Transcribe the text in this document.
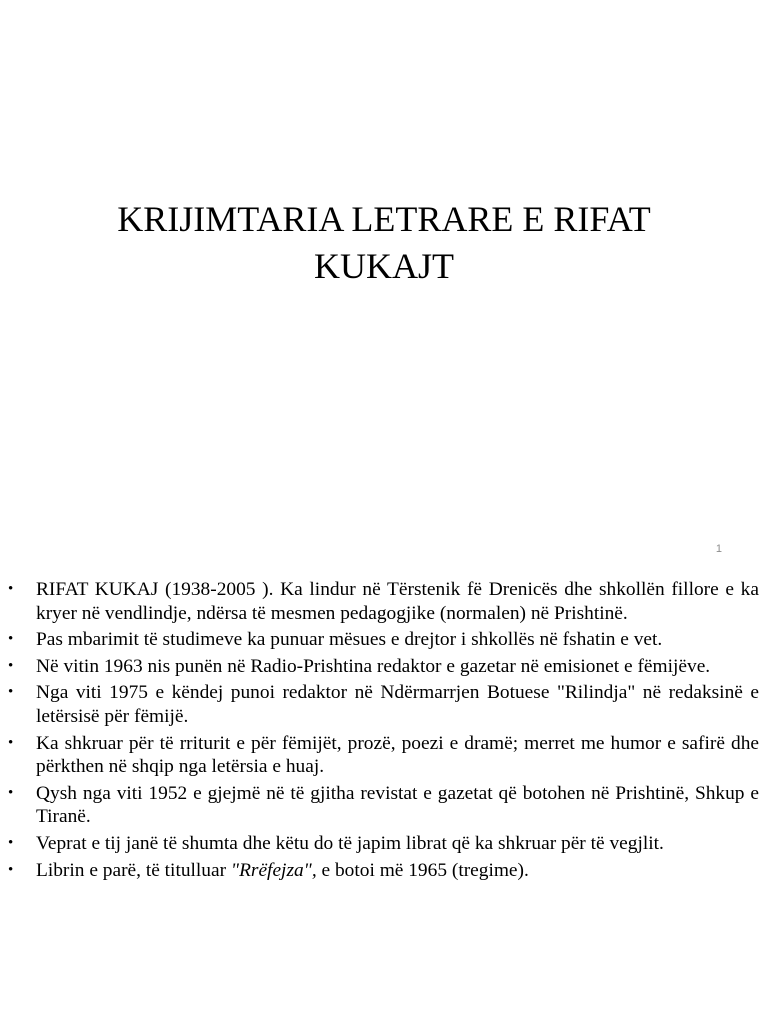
KRIJIMTARIA LETRARE E RIFAT
KUKAJT
1
• RIFAT KUKAJ (1938-2005 ). Ka lindur në Tërstenik fë Drenicës dhe shkollën fillore e ka kryer në vendlindje, ndërsa të mesmen pedagogjike (normalen) në Prishtinë.
• Pas mbarimit të studimeve ka punuar mësues e drejtor i shkollës në fshatin e vet.
• Në vitin 1963 nis punën në Radio-Prishtina redaktor e gazetar në emisionet e fëmijëve.
• Nga viti 1975 e këndej punoi redaktor në Ndërmarrjen Botuese "Rilindja" në redaksinë e letërsisë për fëmijë.
• Ka shkruar për të rriturit e për fëmijët, prozë, poezi e dramë; merret me humor e safirë dhe përkthen në shqip nga letërsia e huaj.
• Qysh nga viti 1952 e gjejmë në të gjitha revistat e gazetat që botohen në Prishtinë, Shkup e Tiranë.
• Veprat e tij janë të shumta dhe këtu do të japim librat që ka shkruar për të vegjlit.
• Librin e parë, të titulluar "Rrëfejza", e botoi më 1965 (tregime).
